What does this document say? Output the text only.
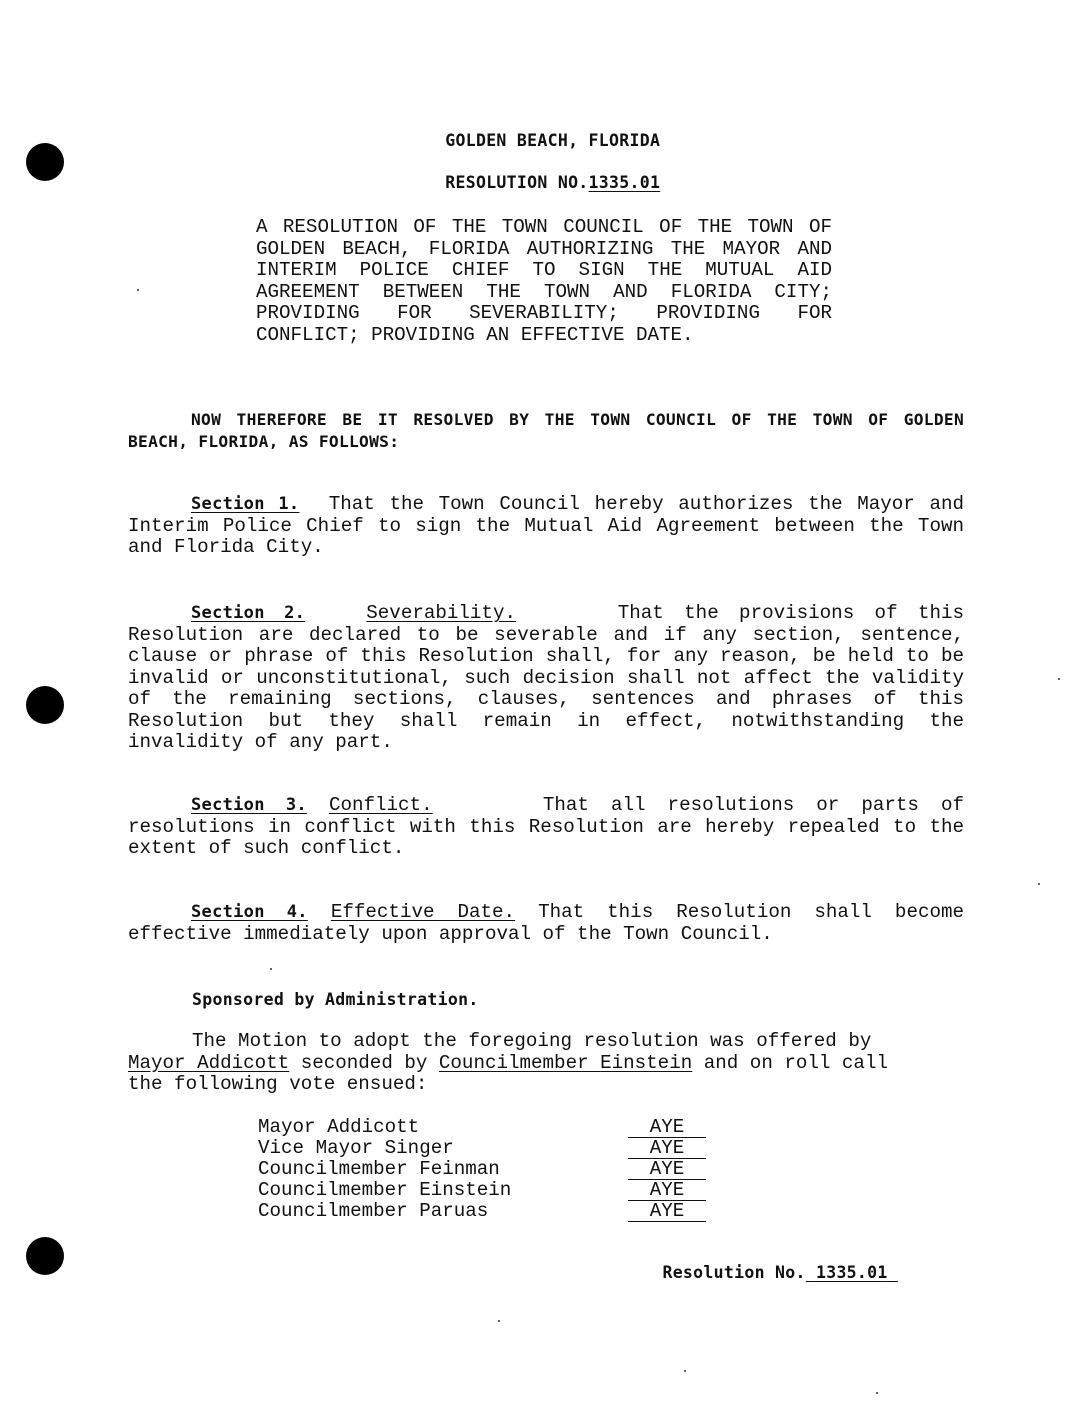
GOLDEN BEACH, FLORIDA

RESOLUTION NO.1335.01

A RESOLUTION OF THE TOWN COUNCIL OF THE TOWN OF GOLDEN BEACH, FLORIDA AUTHORIZING THE MAYOR AND INTERIM POLICE CHIEF TO SIGN THE MUTUAL AID AGREEMENT BETWEEN THE TOWN AND FLORIDA CITY; PROVIDING FOR SEVERABILITY; PROVIDING FOR CONFLICT; PROVIDING AN EFFECTIVE DATE.
NOW THEREFORE BE IT RESOLVED BY THE TOWN COUNCIL OF THE TOWN OF GOLDEN BEACH, FLORIDA, AS FOLLOWS:
Section 1. That the Town Council hereby authorizes the Mayor and Interim Police Chief to sign the Mutual Aid Agreement between the Town and Florida City.
Section 2.	Severability.	That the provisions of this Resolution are declared to be severable and if any section, sentence, clause or phrase of this Resolution shall, for any reason, be held to be invalid or unconstitutional, such decision shall not affect the validity of the remaining sections, clauses, sentences and phrases of this Resolution but they shall remain in effect, notwithstanding the invalidity of any part.
Section 3. Conflict.	That all resolutions or parts of resolutions in conflict with this Resolution are hereby repealed to the extent of such conflict.
Section 4. Effective Date. That this Resolution shall become effective immediately upon approval of the Town Council.
Sponsored by Administration.
The Motion to adopt the foregoing resolution was offered by
Mayor Addicott seconded by Councilmember Einstein and on roll call
the following vote ensued:
Mayor Addicott	AYE
Vice Mayor Singer	AYE
Councilmember Feinman	AYE
Councilmember Einstein	AYE
Councilmember Paruas	AYE

Resolution No. 1335.01
